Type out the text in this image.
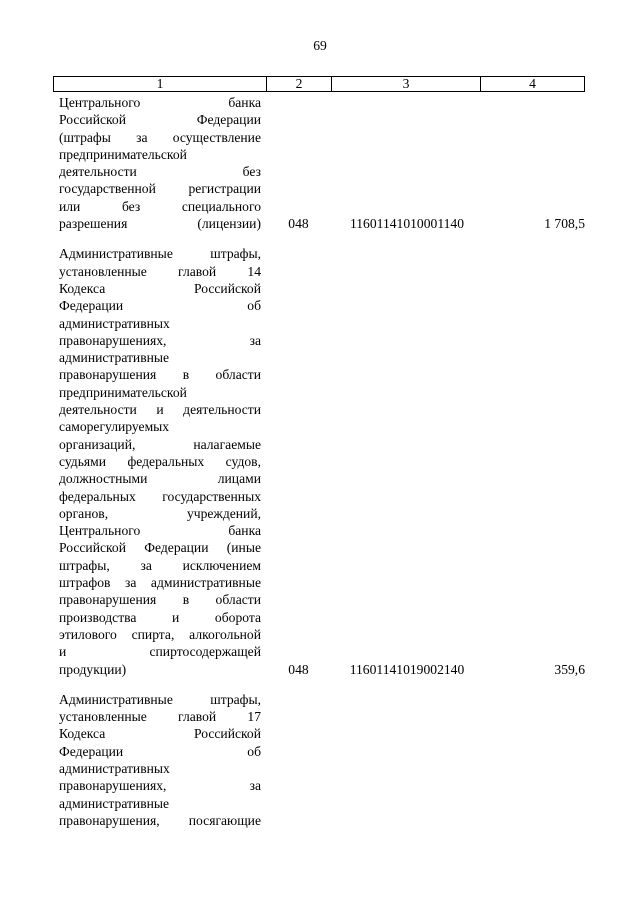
69
1	2	3	4
Центрального банка
Российской Федерации
(штрафы за осуществление
предпринимательской
деятельности без
государственной регистрации
или без специального
разрешения (лицензии)	048	11601141010001140	1 708,5
Административные штрафы,
установленные главой 14
Кодекса Российской
Федерации об
административных
правонарушениях, за
административные
правонарушения в области
предпринимательской
деятельности и деятельности
саморегулируемых
организаций, налагаемые
судьями федеральных судов,
должностными лицами
федеральных государственных
органов, учреждений,
Центрального банка
Российской Федерации (иные
штрафы, за исключением
штрафов за административные
правонарушения в области
производства и оборота
этилового спирта, алкогольной
и спиртосодержащей
продукции)	048	11601141019002140	359,6
Административные штрафы,
установленные главой 17
Кодекса Российской
Федерации об
административных
правонарушениях, за
административные
правонарушения, посягающие
